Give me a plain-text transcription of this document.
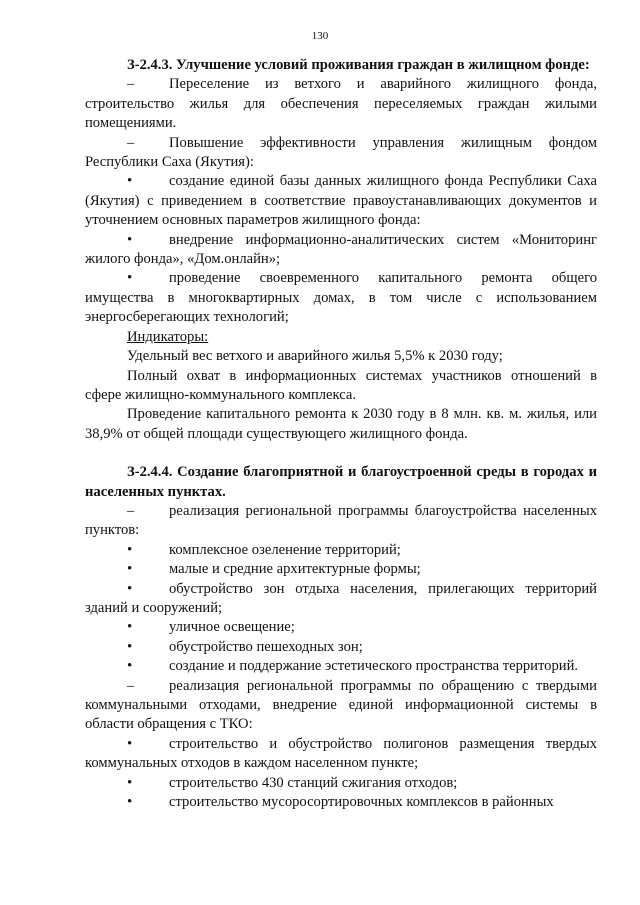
130

З-2.4.3. Улучшение условий проживания граждан в жилищном фонде:

–Переселение из ветхого и аварийного жилищного фонда, строительство жилья для обеспечения переселяемых граждан жилыми помещениями.

–Повышение эффективности управления жилищным фондом Республики Саха (Якутия):

•создание единой базы данных жилищного фонда Республики Саха (Якутия) с приведением в соответствие правоустанавливающих документов и уточнением основных параметров жилищного фонда:

•внедрение информационно-аналитических систем «Мониторинг жилого фонда», «Дом.онлайн»;

•проведение своевременного капитального ремонта общего имущества в многоквартирных домах, в том числе с использованием энергосберегающих технологий;

Индикаторы:

Удельный вес ветхого и аварийного жилья 5,5% к 2030 году;

Полный охват в информационных системах участников отношений в сфере жилищно-коммунального комплекса.

Проведение капитального ремонта к 2030 году в 8 млн. кв. м. жилья, или 38,9% от общей площади существующего жилищного фонда.

З-2.4.4. Создание благоприятной и благоустроенной среды в городах и населенных пунктах.

–реализация региональной программы благоустройства населенных пунктов:

•комплексное озеленение территорий;

•малые и средние архитектурные формы;

•обустройство зон отдыха населения, прилегающих территорий зданий и сооружений;

•уличное освещение;

•обустройство пешеходных зон;

•создание и поддержание эстетического пространства территорий.

–реализация региональной программы по обращению с твердыми коммунальными отходами, внедрение единой информационной системы в области обращения с ТКО:

•строительство и обустройство полигонов размещения твердых коммунальных отходов в каждом населенном пункте;

•строительство 430 станций сжигания отходов;

•строительство мусоросортировочных комплексов в районных
